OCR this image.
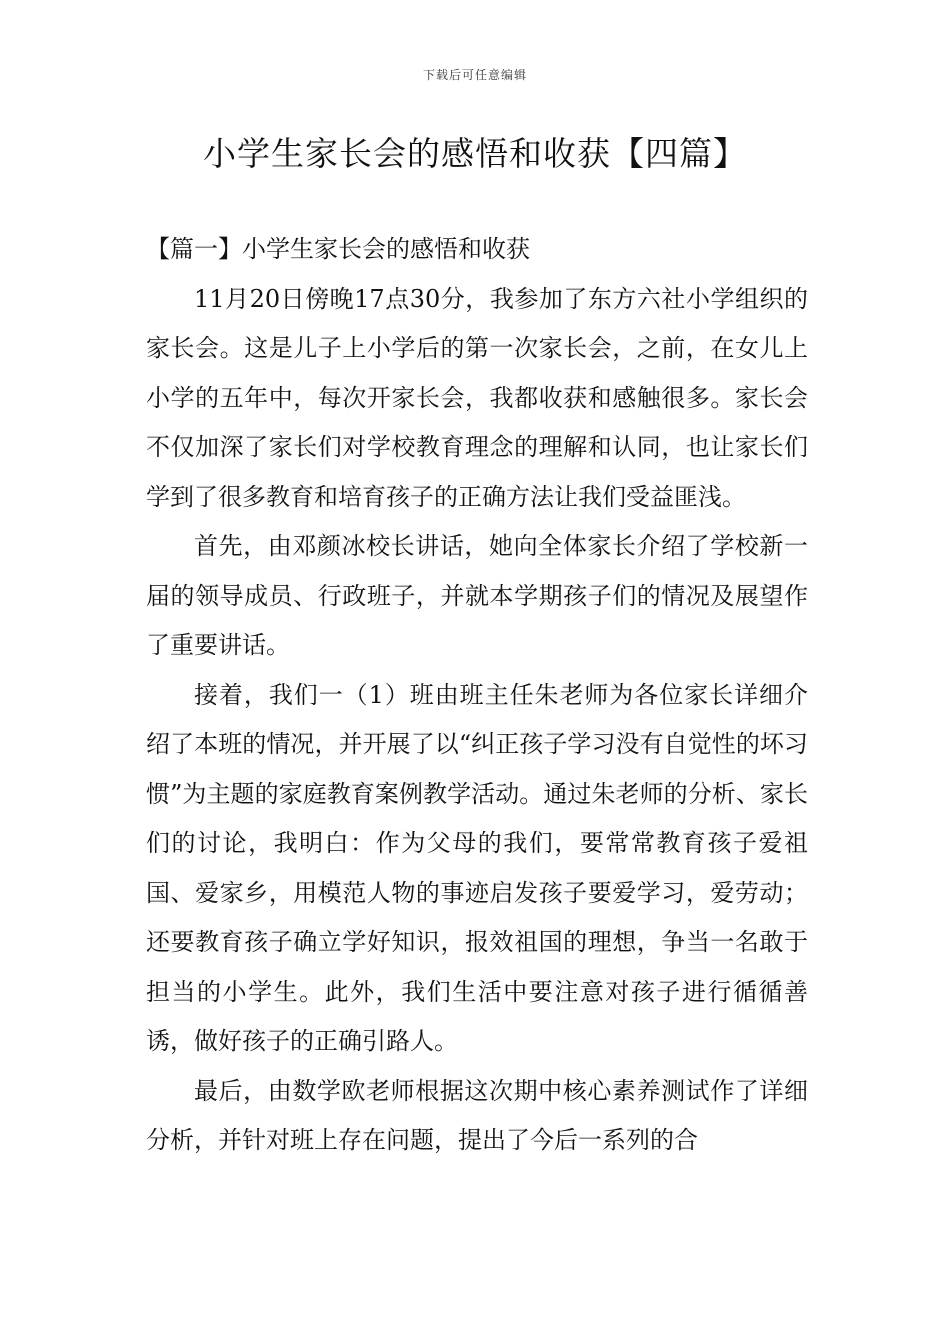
下载后可任意编辑
小学生家长会的感悟和收获【四篇】

【篇一】小学生家长会的感悟和收获

11月20日傍晚17点30分，我参加了东方六社小学组织的家长会。这是儿子上小学后的第一次家长会，之前，在女儿上小学的五年中，每次开家长会，我都收获和感触很多。家长会不仅加深了家长们对学校教育理念的理解和认同，也让家长们学到了很多教育和培育孩子的正确方法让我们受益匪浅。

首先，由邓颜冰校长讲话，她向全体家长介绍了学校新一届的领导成员、行政班子，并就本学期孩子们的情况及展望作了重要讲话。

接着，我们一（1）班由班主任朱老师为各位家长详细介绍了本班的情况，并开展了以“纠正孩子学习没有自觉性的坏习惯”为主题的家庭教育案例教学活动。通过朱老师的分析、家长们的讨论，我明白：作为父母的我们，要常常教育孩子爱祖国、爱家乡，用模范人物的事迹启发孩子要爱学习，爱劳动；还要教育孩子确立学好知识，报效祖国的理想，争当一名敢于担当的小学生。此外，我们生活中要注意对孩子进行循循善诱，做好孩子的正确引路人。

最后，由数学欧老师根据这次期中核心素养测试作了详细分析，并针对班上存在问题，提出了今后一系列的合
